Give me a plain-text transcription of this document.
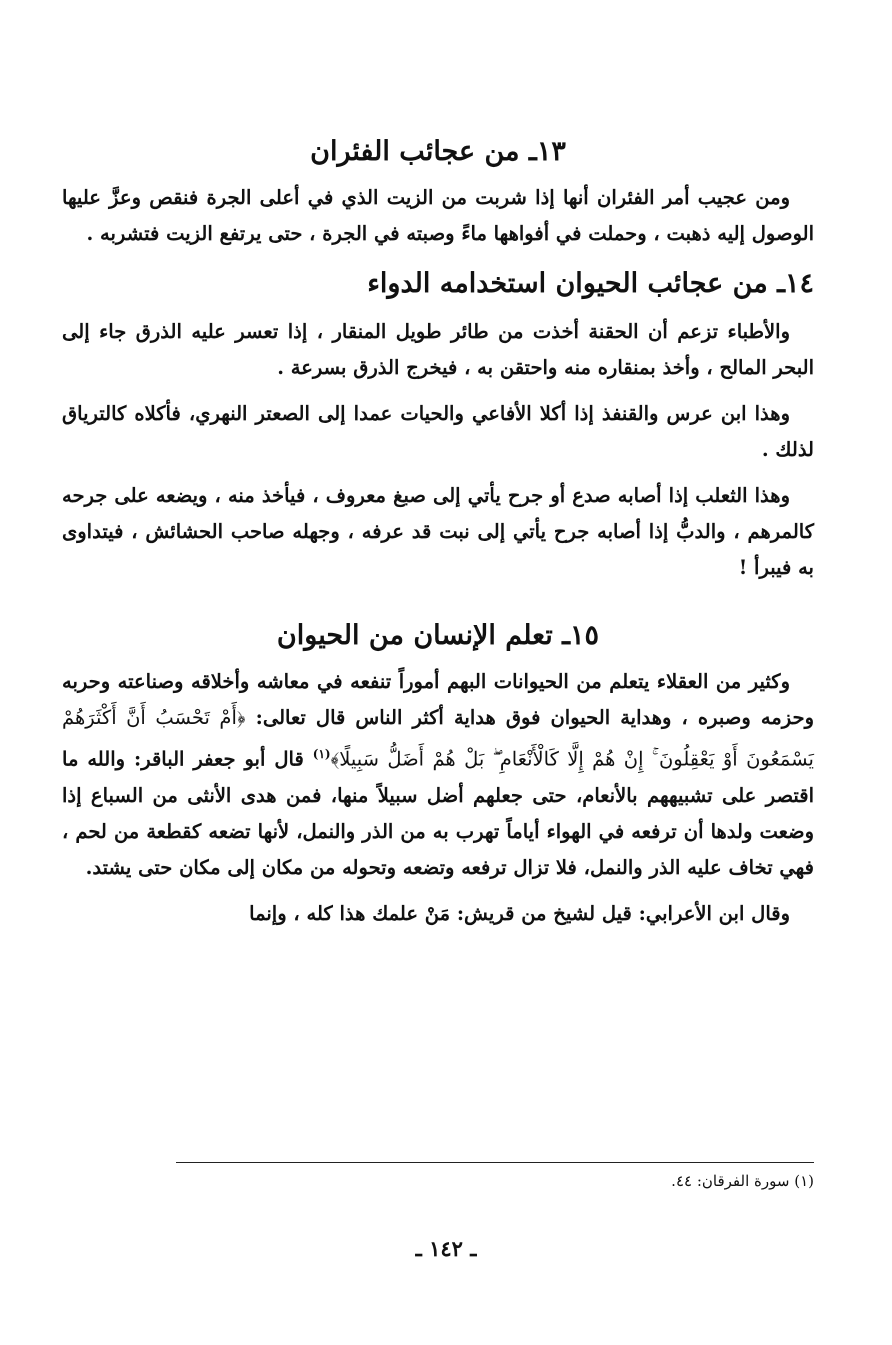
١٣ـ من عجائب الفئران

ومن عجيب أمر الفئران أنها إذا شربت من الزيت الذي في أعلى الجرة فنقص وعزَّ عليها الوصول إليه ذهبت ، وحملت في أفواهها ماءً وصبته في الجرة ، حتى يرتفع الزيت فتشربه .

١٤ـ من عجائب الحيوان استخدامه الدواء

والأطباء تزعم أن الحقنة أخذت من طائر طويل المنقار ، إذا تعسر عليه الذرق جاء إلى البحر المالح ، وأخذ بمنقاره منه واحتقن به ، فيخرج الذرق بسرعة .

وهذا ابن عرس والقنفذ إذا أكلا الأفاعي والحيات عمدا إلى الصعتر النهري، فأكلاه كالترياق لذلك .

وهذا الثعلب إذا أصابه صدع أو جرح يأتي إلى صبغ معروف ، فيأخذ منه ، ويضعه على جرحه كالمرهم ، والدبُّ إذا أصابه جرح يأتي إلى نبت قد عرفه ، وجهله صاحب الحشائش ، فيتداوى به فيبرأ !

١٥ـ تعلم الإنسان من الحيوان

وكثير من العقلاء يتعلم من الحيوانات البهم أموراً تنفعه في معاشه وأخلاقه وصناعته وحربه وحزمه وصبره ، وهداية الحيوان فوق هداية أكثر الناس قال تعالى: ﴿أَمْ تَحْسَبُ أَنَّ أَكْثَرَهُمْ يَسْمَعُونَ أَوْ يَعْقِلُونَ ۚ إِنْ هُمْ إِلَّا كَالْأَنْعَامِ ۖ بَلْ هُمْ أَضَلُّ سَبِيلًا﴾$^{(١)}$ قال أبو جعفر الباقر: والله ما اقتصر على تشبيههم بالأنعام، حتى جعلهم أضل سبيلاً منها، فمن هدى الأنثى من السباع إذا وضعت ولدها أن ترفعه في الهواء أياماً تهرب به من الذر والنمل، لأنها تضعه كقطعة من لحم ، فهي تخاف عليه الذر والنمل، فلا تزال ترفعه وتضعه وتحوله من مكان إلى مكان حتى يشتد.

وقال ابن الأعرابي: قيل لشيخ من قريش: مَنْ علمك هذا كله ، وإنما

(١) سورة الفرقان: ٤٤.
ـ ١٤٢ ـ
